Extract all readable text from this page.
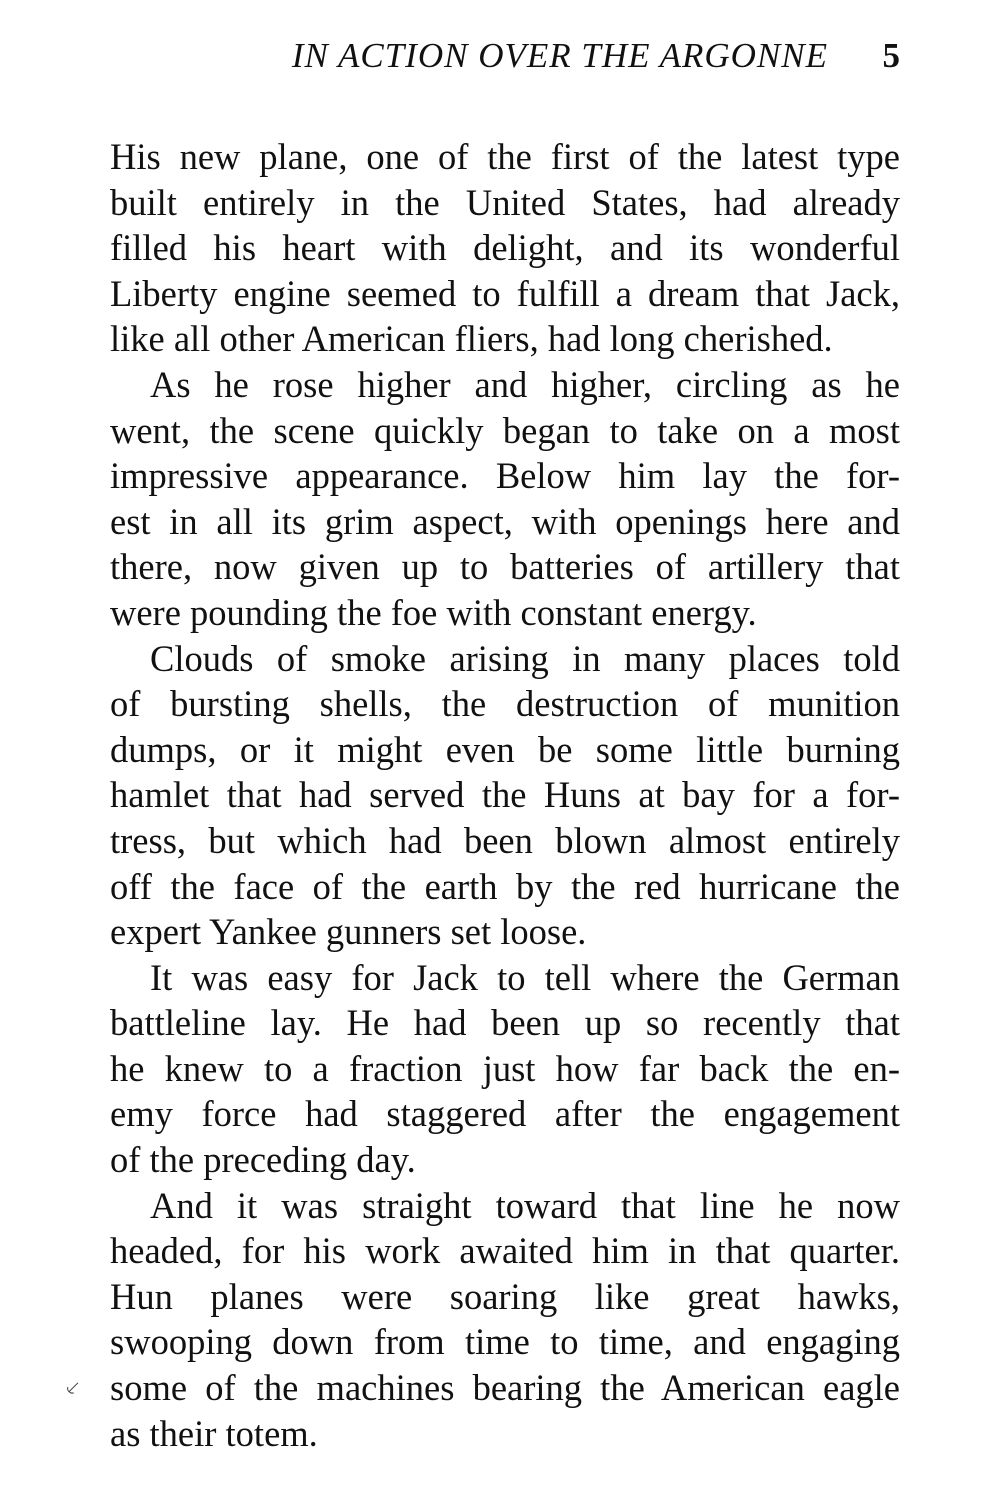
IN ACTION OVER THE ARGONNE 5

His new plane, one of the first of the latest type
built entirely in the United States, had already
filled his heart with delight, and its wonderful
Liberty engine seemed to fulfill a dream that Jack,
like all other American fliers, had long cherished.

As he rose higher and higher, circling as he
went, the scene quickly began to take on a most
impressive appearance. Below him lay the for-
est in all its grim aspect, with openings here and
there, now given up to batteries of artillery that
were pounding the foe with constant energy.

Clouds of smoke arising in many places told
of bursting shells, the destruction of munition
dumps, or it might even be some little burning
hamlet that had served the Huns at bay for a for-
tress, but which had been blown almost entirely
off the face of the earth by the red hurricane the
expert Yankee gunners set loose.

It was easy for Jack to tell where the German
battleline lay. He had been up so recently that
he knew to a fraction just how far back the en-
emy force had staggered after the engagement
of the preceding day.

And it was straight toward that line he now
headed, for his work awaited him in that quarter.
Hun planes were soaring like great hawks,
swooping down from time to time, and engaging
some of the machines bearing the American eagle
as their totem.

⸔
